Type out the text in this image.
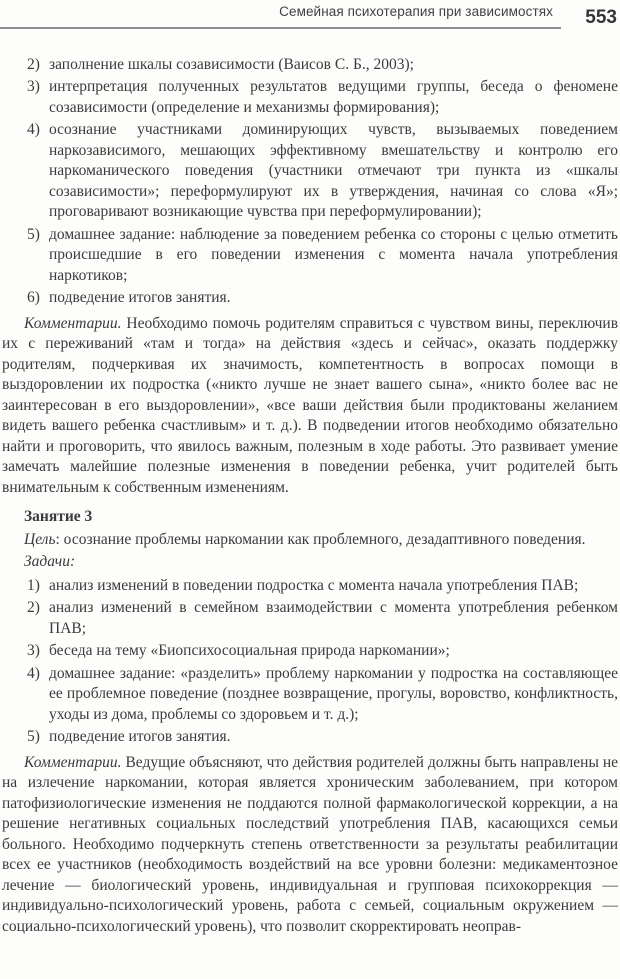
Семейная психотерапия при зависимостях	553
2) заполнение шкалы созависимости (Ваисов С. Б., 2003);
3) интерпретация полученных результатов ведущими группы, беседа о феномене созависимости (определение и механизмы формирования);
4) осознание участниками доминирующих чувств, вызываемых поведением наркозависимого, мешающих эффективному вмешательству и контролю его наркоманического поведения (участники отмечают три пункта из «шкалы созависимости»; переформулируют их в утверждения, начиная со слова «Я»; проговаривают возникающие чувства при переформулировании);
5) домашнее задание: наблюдение за поведением ребенка со стороны с целью отметить происшедшие в его поведении изменения с момента начала употребления наркотиков;
6) подведение итогов занятия.

Комментарии. Необходимо помочь родителям справиться с чувством вины, переключив их с переживаний «там и тогда» на действия «здесь и сейчас», оказать поддержку родителям, подчеркивая их значимость, компетентность в вопросах помощи в выздоровлении их подростка («никто лучше не знает вашего сына», «никто более вас не заинтересован в его выздоровлении», «все ваши действия были продиктованы желанием видеть вашего ребенка счастливым» и т. д.). В подведении итогов необходимо обязательно найти и проговорить, что явилось важным, полезным в ходе работы. Это развивает умение замечать малейшие полезные изменения в поведении ребенка, учит родителей быть внимательным к собственным изменениям.

Занятие 3

Цель: осознание проблемы наркомании как проблемного, дезадаптивного поведения.

Задачи:

1) анализ изменений в поведении подростка с момента начала употребления ПАВ;
2) анализ изменений в семейном взаимодействии с момента употребления ребенком ПАВ;
3) беседа на тему «Биопсихосоциальная природа наркомании»;
4) домашнее задание: «разделить» проблему наркомании у подростка на составляющее ее проблемное поведение (позднее возвращение, прогулы, воровство, конфликтность, уходы из дома, проблемы со здоровьем и т. д.);
5) подведение итогов занятия.

Комментарии. Ведущие объясняют, что действия родителей должны быть направлены не на излечение наркомании, которая является хроническим заболеванием, при котором патофизиологические изменения не поддаются полной фармакологической коррекции, а на решение негативных социальных последствий употребления ПАВ, касающихся семьи больного. Необходимо подчеркнуть степень ответственности за результаты реабилитации всех ее участников (необходимость воздействий на все уровни болезни: медикаментозное лечение — биологический уровень, индивидуальная и групповая психокоррекция — индивидуально-психологический уровень, работа с семьей, социальным окружением — социально-психологический уровень), что позволит скорректировать неоправ-
